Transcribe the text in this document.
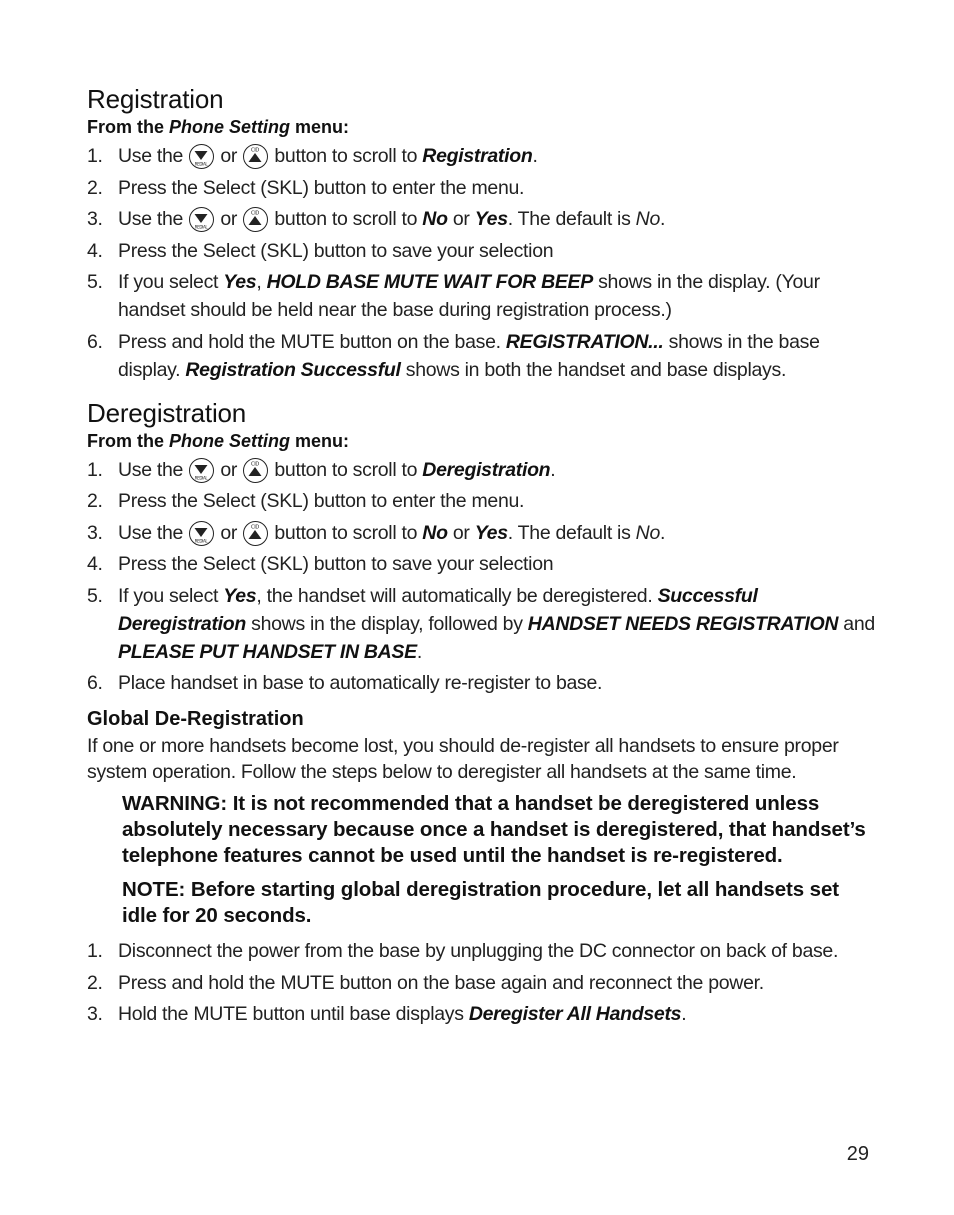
Registration
From the Phone Setting menu:
1. Use the	REDIAL or	CID button to scroll to Registration.
2. Press the Select (SKL) button to enter the menu.
3. Use the	REDIAL or	CID button to scroll to No or Yes. The default is No.
4. Press the Select (SKL) button to save your selection
5. If you select Yes, HOLD BASE MUTE WAIT FOR BEEP shows in the display. (Your handset should be held near the base during registration process.)
6. Press and hold the MUTE button on the base. REGISTRATION... shows in the base display. Registration Successful shows in both the handset and base displays.
Deregistration
From the Phone Setting menu:
1. Use the	REDIAL or	CID button to scroll to Deregistration.
2. Press the Select (SKL) button to enter the menu.
3. Use the	REDIAL or	CID button to scroll to No or Yes. The default is No.
4. Press the Select (SKL) button to save your selection
5. If you select Yes, the handset will automatically be deregistered. Successful Deregistration shows in the display, followed by HANDSET NEEDS REGISTRATION and PLEASE PUT HANDSET IN BASE.
6. Place handset in base to automatically re-register to base.
Global De-Registration

If one or more handsets become lost, you should de-register all handsets to ensure proper system operation. Follow the steps below to deregister all handsets at the same time.

WARNING: It is not recommended that a handset be deregistered unless absolutely necessary because once a handset is deregistered, that handset’s telephone features cannot be used until the handset is re-registered.
NOTE: Before starting global deregistration procedure, let all handsets set idle for 20 seconds.
1. Disconnect the power from the base by unplugging the DC connector on back of base.
2. Press and hold the MUTE button on the base again and reconnect the power.
3. Hold the MUTE button until base displays Deregister All Handsets.
29
